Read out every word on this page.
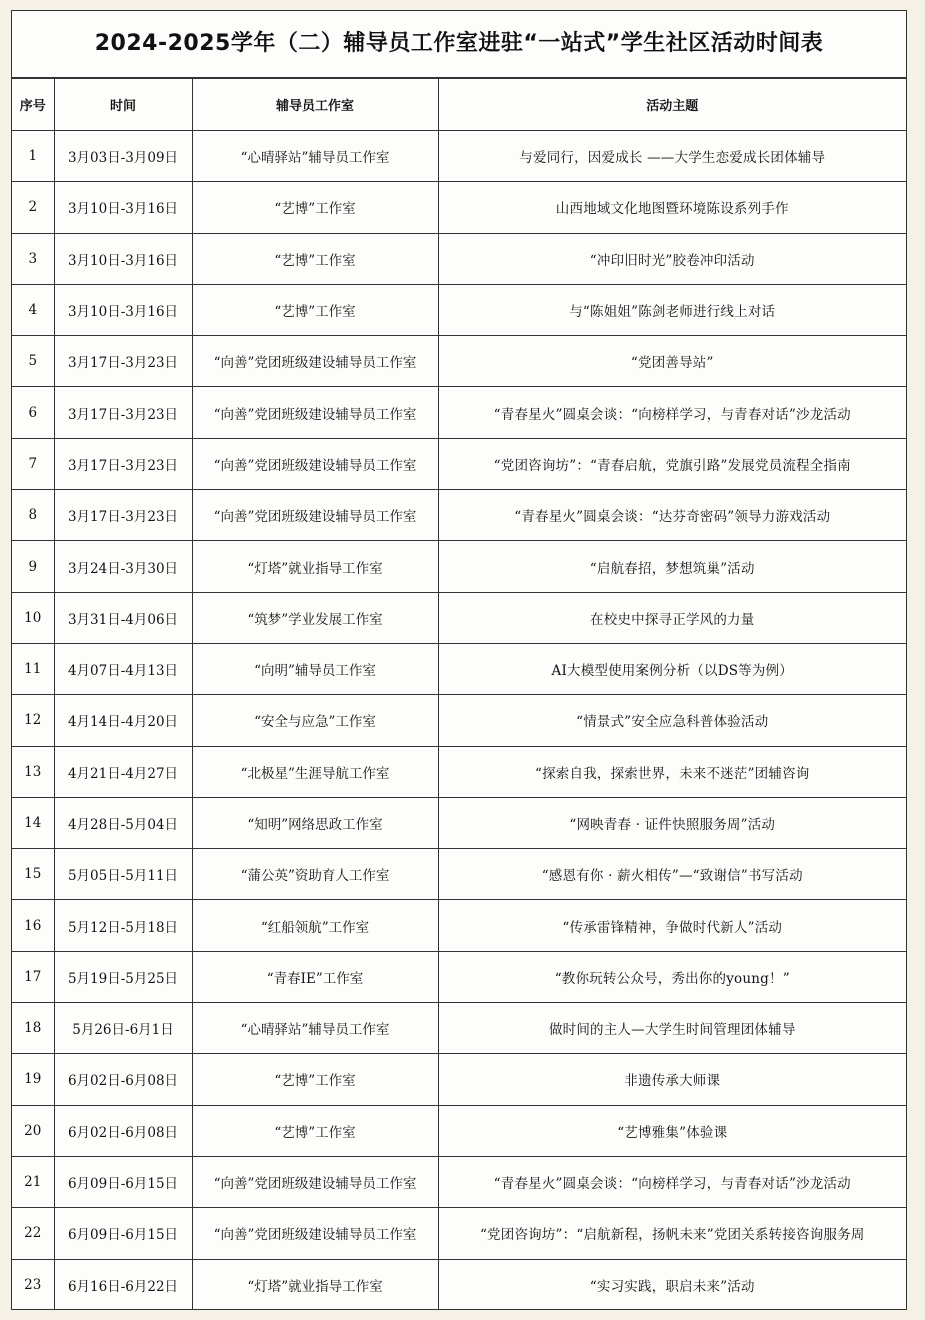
2024-2025学年（二）辅导员工作室进驻“一站式”学生社区活动时间表
序号	时间	辅导员工作室	活动主题
1	3月03日-3月09日	“心晴驿站”辅导员工作室	与爱同行，因爱成长 ——大学生恋爱成长团体辅导
2	3月10日-3月16日	“艺博”工作室	山西地域文化地图暨环境陈设系列手作
3	3月10日-3月16日	“艺博”工作室	“冲印旧时光”胶卷冲印活动
4	3月10日-3月16日	“艺博”工作室	与“陈姐姐”陈剑老师进行线上对话
5	3月17日-3月23日	“向善”党团班级建设辅导员工作室	“党团善导站”
6	3月17日-3月23日	“向善”党团班级建设辅导员工作室	“青春星火”圆桌会谈：“向榜样学习，与青春对话”沙龙活动
7	3月17日-3月23日	“向善”党团班级建设辅导员工作室	“党团咨询坊”：“青春启航，党旗引路”发展党员流程全指南
8	3月17日-3月23日	“向善”党团班级建设辅导员工作室	“青春星火”圆桌会谈：“达芬奇密码”领导力游戏活动
9	3月24日-3月30日	“灯塔”就业指导工作室	“启航春招，梦想筑巢”活动
10	3月31日-4月06日	“筑梦”学业发展工作室	在校史中探寻正学风的力量
11	4月07日-4月13日	“向明”辅导员工作室	AI大模型使用案例分析（以DS等为例）
12	4月14日-4月20日	“安全与应急”工作室	“情景式”安全应急科普体验活动
13	4月21日-4月27日	“北极星”生涯导航工作室	“探索自我，探索世界，未来不迷茫”团辅咨询
14	4月28日-5月04日	“知明”网络思政工作室	“网映青春 · 证件快照服务周”活动
15	5月05日-5月11日	“蒲公英”资助育人工作室	“感恩有你 · 薪火相传”—“致谢信”书写活动
16	5月12日-5月18日	“红船领航”工作室	“传承雷锋精神，争做时代新人”活动
17	5月19日-5月25日	“青春IE”工作室	“教你玩转公众号，秀出你的young！”
18	5月26日-6月1日	“心晴驿站”辅导员工作室	做时间的主人—大学生时间管理团体辅导
19	6月02日-6月08日	“艺博”工作室	非遗传承大师课
20	6月02日-6月08日	“艺博”工作室	“艺博雅集”体验课
21	6月09日-6月15日	“向善”党团班级建设辅导员工作室	“青春星火”圆桌会谈：“向榜样学习，与青春对话”沙龙活动
22	6月09日-6月15日	“向善”党团班级建设辅导员工作室	“党团咨询坊”：“启航新程，扬帆未来”党团关系转接咨询服务周
23	6月16日-6月22日	“灯塔”就业指导工作室	“实习实践，职启未来”活动
